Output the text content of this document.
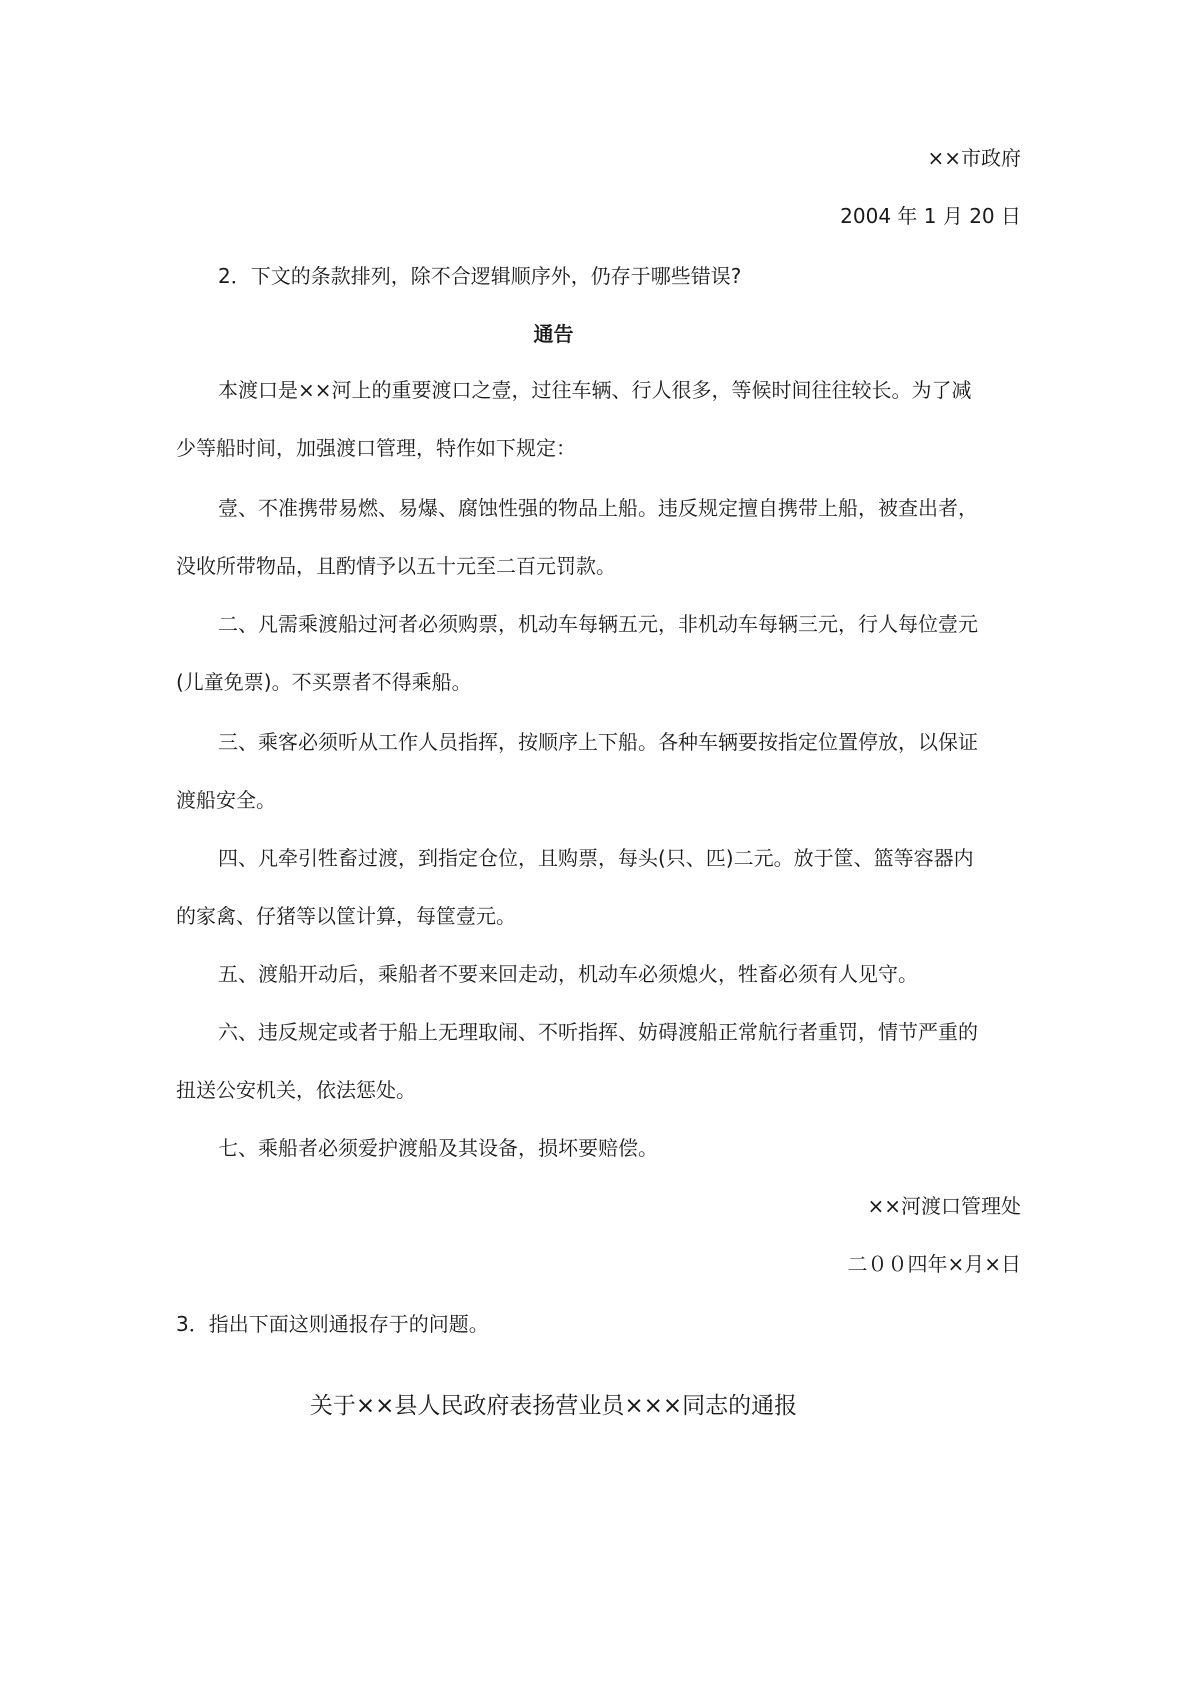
××市政府

2004 年 1 月 20 日

2．下文的条款排列，除不合逻辑顺序外，仍存于哪些错误?

通告

本渡口是××河上的重要渡口之壹，过往车辆、行人很多，等候时间往往较长。为了减

少等船时间，加强渡口管理，特作如下规定：

壹、不准携带易燃、易爆、腐蚀性强的物品上船。违反规定擅自携带上船，被查出者，

没收所带物品，且酌情予以五十元至二百元罚款。

二、凡需乘渡船过河者必须购票，机动车每辆五元，非机动车每辆三元，行人每位壹元

(儿童免票)。不买票者不得乘船。

三、乘客必须听从工作人员指挥，按顺序上下船。各种车辆要按指定位置停放，以保证

渡船安全。

四、凡牵引牲畜过渡，到指定仓位，且购票，每头(只、匹)二元。放于筐、篮等容器内

的家禽、仔猪等以筐计算，每筐壹元。

五、渡船开动后，乘船者不要来回走动，机动车必须熄火，牲畜必须有人见守。

六、违反规定或者于船上无理取闹、不听指挥、妨碍渡船正常航行者重罚，情节严重的

扭送公安机关，依法惩处。

七、乘船者必须爱护渡船及其设备，损坏要赔偿。

××河渡口管理处

二００四年×月×日

3．指出下面这则通报存于的问题。

关于××县人民政府表扬营业员×××同志的通报
